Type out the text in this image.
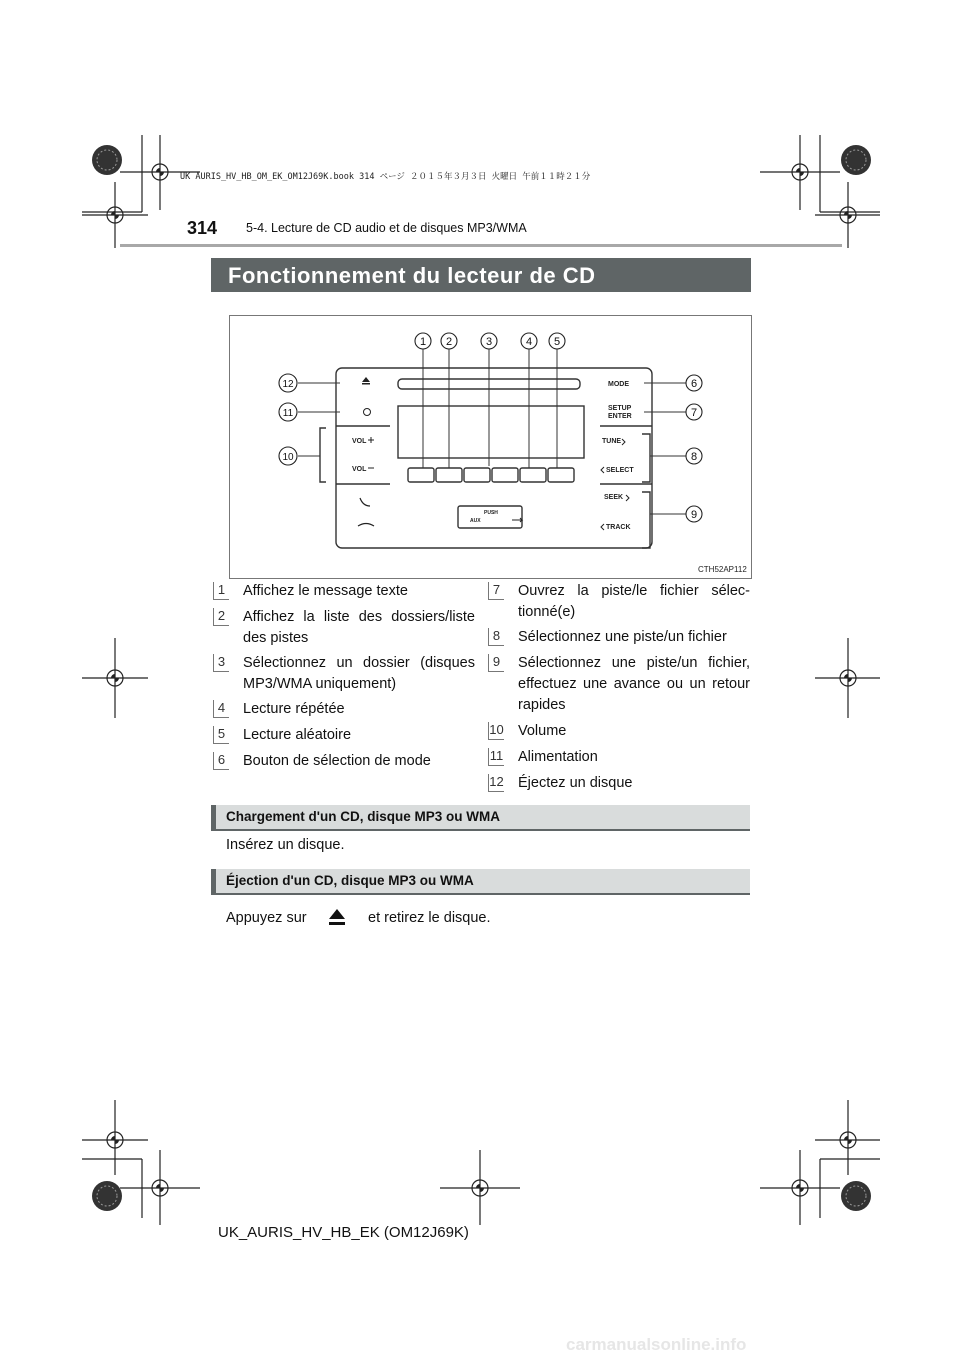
UK AURIS_HV_HB_OM_EK_OM12J69K.book 314 ページ ２０１５年３月３日 火曜日 午前１１時２１分
314 5-4. Lecture de CD audio et de disques MP3/WMA
Fonctionnement du lecteur de CD
MODE
SETUP
ENTER
TUNE
SELECT
SEEK
TRACK
VOL
VOL
PUSH
AUX
1 2	3	4 5
6
7
8
9
10
11
12
CTH52AP112
1 Affichez le message texte
2 Affichez la liste des dossiers/liste des pistes
3 Sélectionnez un dossier (disques MP3/WMA uniquement)
4 Lecture répétée
5 Lecture aléatoire
6 Bouton de sélection de mode
7 Ouvrez la piste/le fichier sélec-tionné(e)
8 Sélectionnez une piste/un fichier
9 Sélectionnez une piste/un fichier, effectuez une avance ou un retour rapides
10 Volume
11 Alimentation
12 Éjectez un disque
Chargement d'un CD, disque MP3 ou WMA
Insérez un disque.
Éjection d'un CD, disque MP3 ou WMA
Appuyez sur	et retirez le disque.
UK_AURIS_HV_HB_EK (OM12J69K)
carmanualsonline.info
